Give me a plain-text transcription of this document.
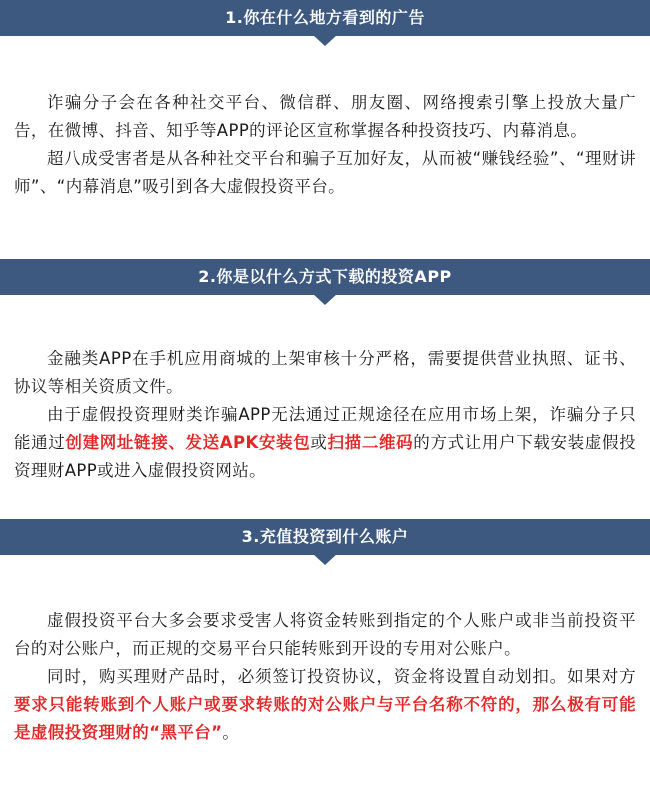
1.你在什么地方看到的广告

诈骗分子会在各种社交平台、微信群、朋友圈、网络搜索引擎上投放大量广告，在微博、抖音、知乎等APP的评论区宣称掌握各种投资技巧、内幕消息。

超八成受害者是从各种社交平台和骗子互加好友，从而被“赚钱经验”、“理财讲师”、“内幕消息”吸引到各大虚假投资平台。

2.你是以什么方式下载的投资APP

金融类APP在手机应用商城的上架审核十分严格，需要提供营业执照、证书、协议等相关资质文件。

由于虚假投资理财类诈骗APP无法通过正规途径在应用市场上架，诈骗分子只能通过创建网址链接、发送APK安装包或扫描二维码的方式让用户下载安装虚假投资理财APP或进入虚假投资网站。

3.充值投资到什么账户

虚假投资平台大多会要求受害人将资金转账到指定的个人账户或非当前投资平台的对公账户，而正规的交易平台只能转账到开设的专用对公账户。

同时，购买理财产品时，必须签订投资协议，资金将设置自动划扣。如果对方要求只能转账到个人账户或要求转账的对公账户与平台名称不符的，那么极有可能是虚假投资理财的“黑平台”。
